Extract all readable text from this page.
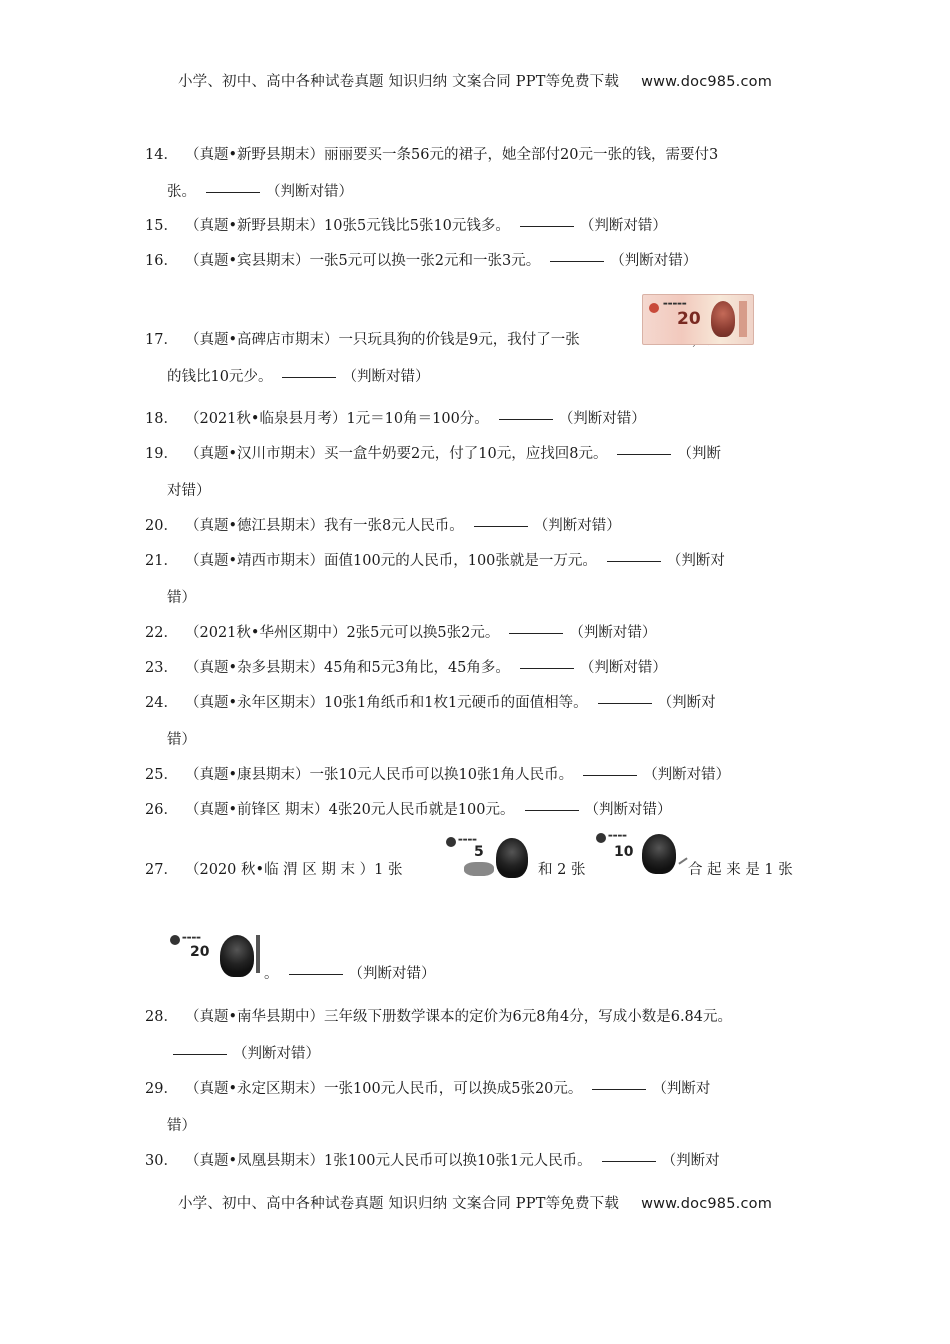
小学、初中、高中各种试卷真题 知识归纳 文案合同 PPT等免费下载 www.doc985.com
14． （真题•新野县期末）丽丽要买一条56元的裙子，她全部付20元一张的钱，需要付3
张。	（判断对错）
15． （真题•新野县期末）10张5元钱比5张10元钱多。	（判断对错）
16． （真题•宾县期末）一张5元可以换一张2元和一张3元。	（判断对错）
17． （真题•高碑店市期末）一只玩具狗的价钱是9元，我付了一张
的钱比10元少。	（判断对错）
▬▬▬▬▬
20
18． （2021秋•临泉县月考）1元＝10角＝100分。	（判断对错）
19． （真题•汉川市期末）买一盒牛奶要2元，付了10元，应找回8元。	（判断
对错）
20． （真题•德江县期末）我有一张8元人民币。	（判断对错）
21． （真题•靖西市期末）面值100元的人民币，100张就是一万元。	（判断对
错）
22． （2021秋•华州区期中）2张5元可以换5张2元。	（判断对错）
23． （真题•杂多县期末）45角和5元3角比，45角多。	（判断对错）
24． （真题•永年区期末）10张1角纸币和1枚1元硬币的面值相等。	（判断对
错）
25． （真题•康县期末）一张10元人民币可以换10张1角人民币。	（判断对错）
26． （真题•前锋区 期末）4张20元人民币就是100元。	（判断对错）
27． （2020 秋•临 渭 区 期 末 ）1 张	和 2 张	合 起 来 是 1 张
▬▬▬▬
5
▬▬▬▬
10
▬▬▬▬
20
。	（判断对错）
28． （真题•南华县期中）三年级下册数学课本的定价为6元8角4分，写成小数是6.84元。
（判断对错）
29． （真题•永定区期末）一张100元人民币，可以换成5张20元。	（判断对
错）
30． （真题•凤凰县期末）1张100元人民币可以换10张1元人民币。	（判断对
小学、初中、高中各种试卷真题 知识归纳 文案合同 PPT等免费下载 www.doc985.com
